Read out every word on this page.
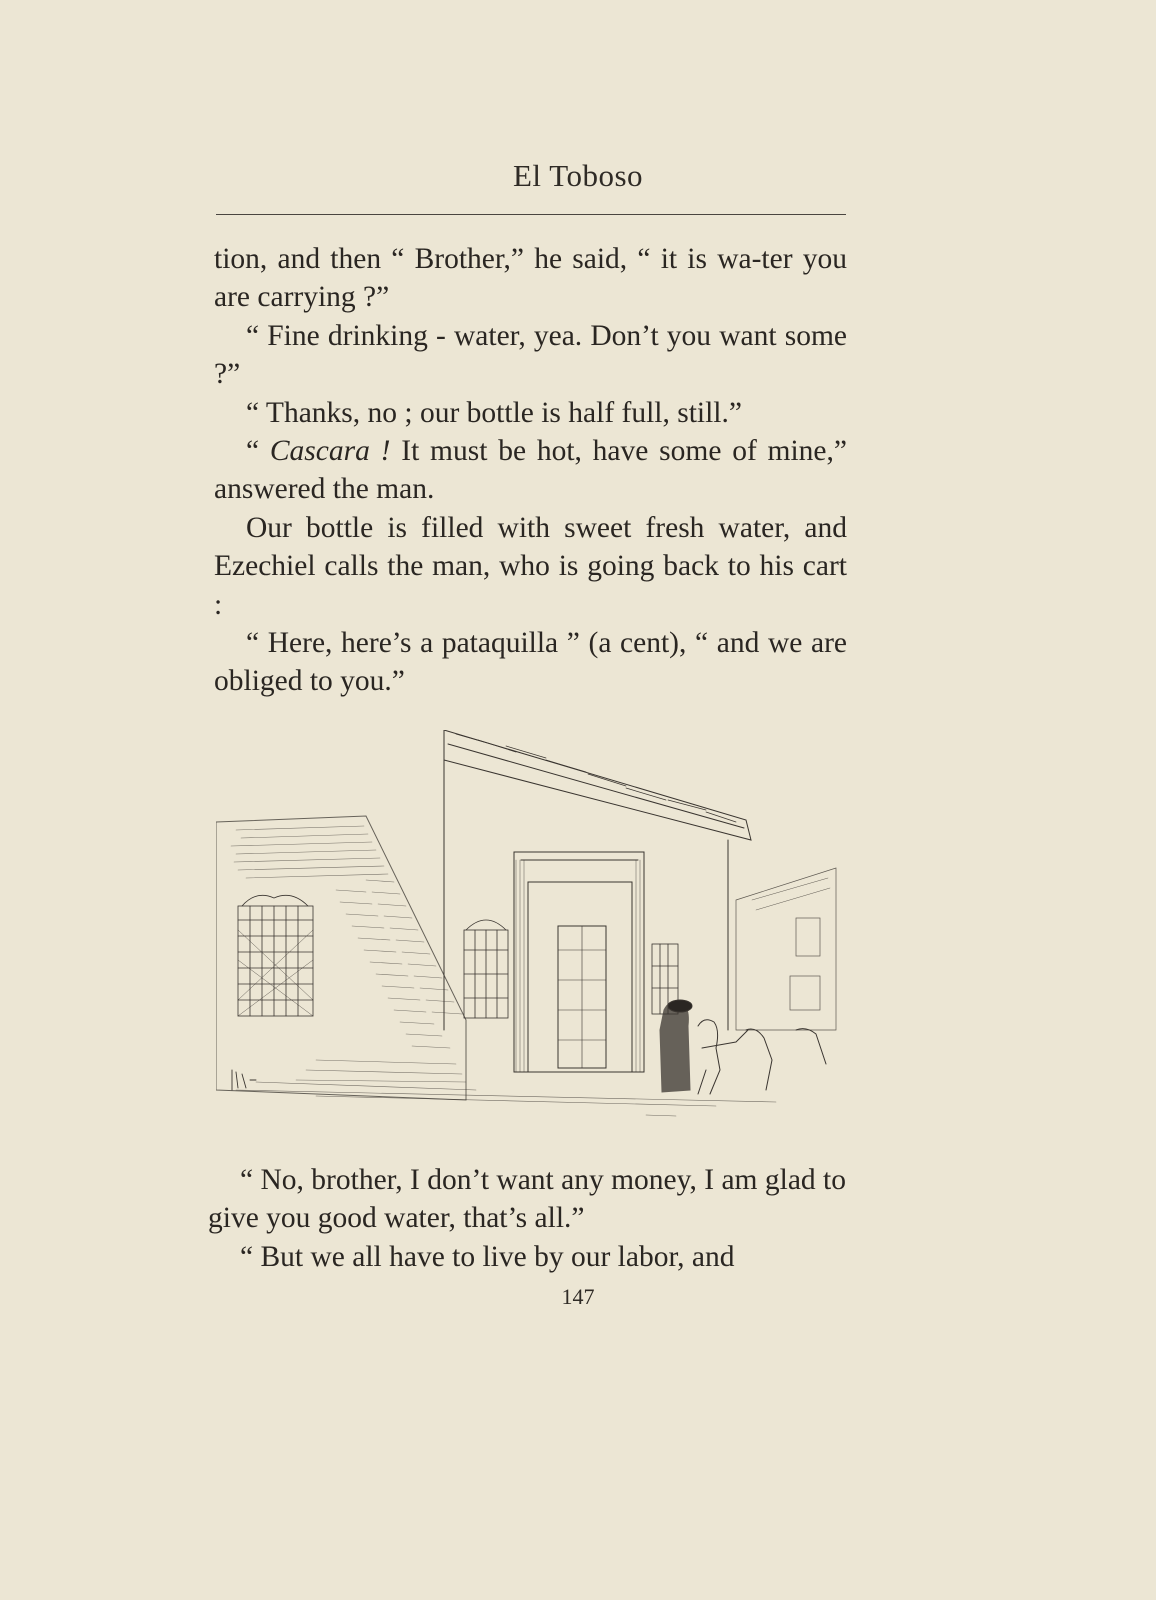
El Toboso

tion, and then “ Brother,” he said, “ it is wa-ter you are carrying ?”

“ Fine drinking - water, yea. Don’t you want some ?”

“ Thanks, no ; our bottle is half full, still.”

“ Cascara ! It must be hot, have some of mine,” answered the man.

Our bottle is filled with sweet fresh water, and Ezechiel calls the man, who is going back to his cart :

“ Here, here’s a pataquilla ” (a cent), “ and we are obliged to you.”

“ No, brother, I don’t want any money, I am glad to give you good water, that’s all.”

“ But we all have to live by our labor, and

147
